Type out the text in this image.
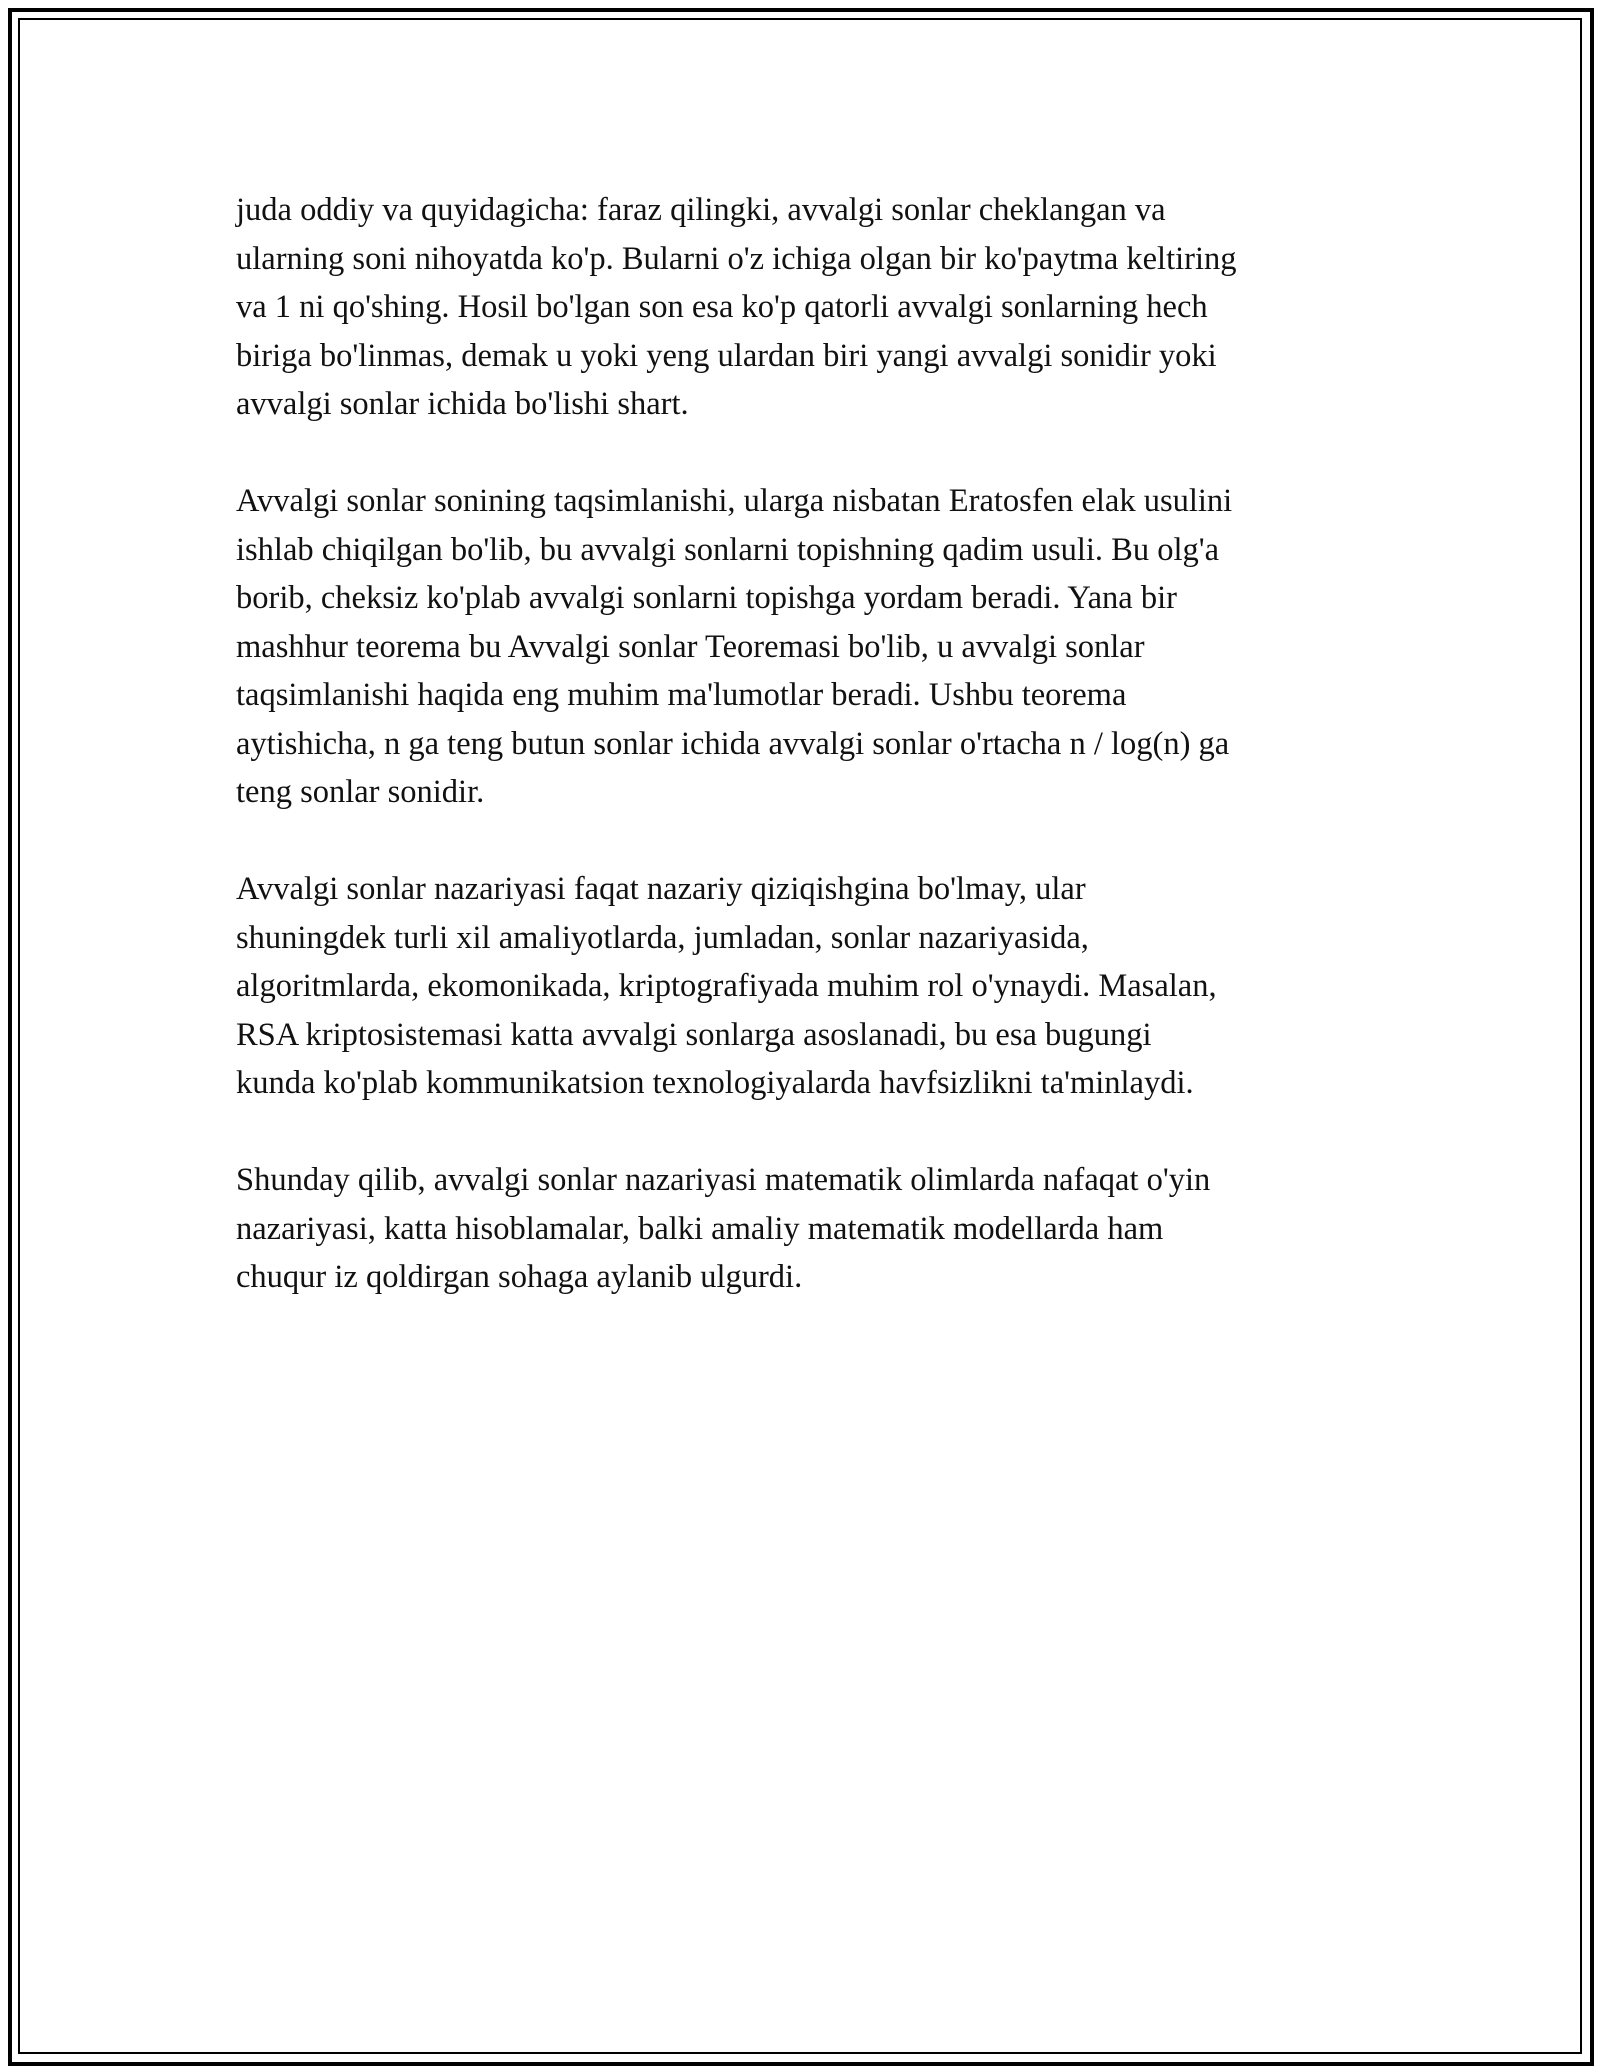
juda oddiy va quyidagicha: faraz qilingki, avvalgi sonlar cheklangan va
ularning soni nihoyatda ko'p. Bularni o'z ichiga olgan bir ko'paytma keltiring
va 1 ni qo'shing. Hosil bo'lgan son esa ko'p qatorli avvalgi sonlarning hech
biriga bo'linmas, demak u yoki yeng ulardan biri yangi avvalgi sonidir yoki
avvalgi sonlar ichida bo'lishi shart.

Avvalgi sonlar sonining taqsimlanishi, ularga nisbatan Eratosfen elak usulini
ishlab chiqilgan bo'lib, bu avvalgi sonlarni topishning qadim usuli. Bu olg'a
borib, cheksiz ko'plab avvalgi sonlarni topishga yordam beradi. Yana bir
mashhur teorema bu Avvalgi sonlar Teoremasi bo'lib, u avvalgi sonlar
taqsimlanishi haqida eng muhim ma'lumotlar beradi. Ushbu teorema
aytishicha, n ga teng butun sonlar ichida avvalgi sonlar o'rtacha n / log(n) ga
teng sonlar sonidir.

Avvalgi sonlar nazariyasi faqat nazariy qiziqishgina bo'lmay, ular
shuningdek turli xil amaliyotlarda, jumladan, sonlar nazariyasida,
algoritmlarda, ekomonikada, kriptografiyada muhim rol o'ynaydi. Masalan,
RSA kriptosistemasi katta avvalgi sonlarga asoslanadi, bu esa bugungi
kunda ko'plab kommunikatsion texnologiyalarda havfsizlikni ta'minlaydi.

Shunday qilib, avvalgi sonlar nazariyasi matematik olimlarda nafaqat o'yin
nazariyasi, katta hisoblamalar, balki amaliy matematik modellarda ham
chuqur iz qoldirgan sohaga aylanib ulgurdi.
